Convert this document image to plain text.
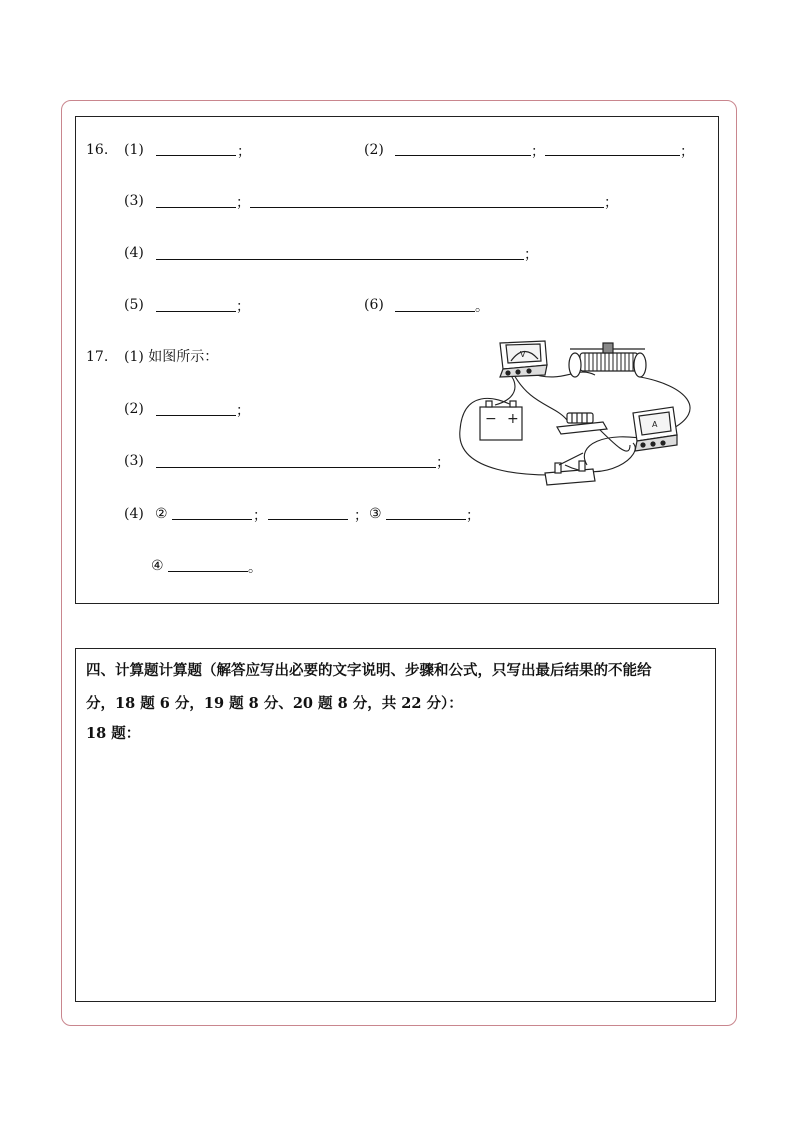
16. (1)	；	(2)	；	；
(3)	；	；
(4)	；
(5)	；	(6)	。
17. (1) 如图所示：
(2)	；
(3)	；
(4) ②	；	； ③	；
④	。
V
− +	A
四、计算题计算题（解答应写出必要的文字说明、步骤和公式，只写出最后结果的不能给
分，18 题 6 分，19 题 8 分、20 题 8 分，共 22 分）：
18 题：
